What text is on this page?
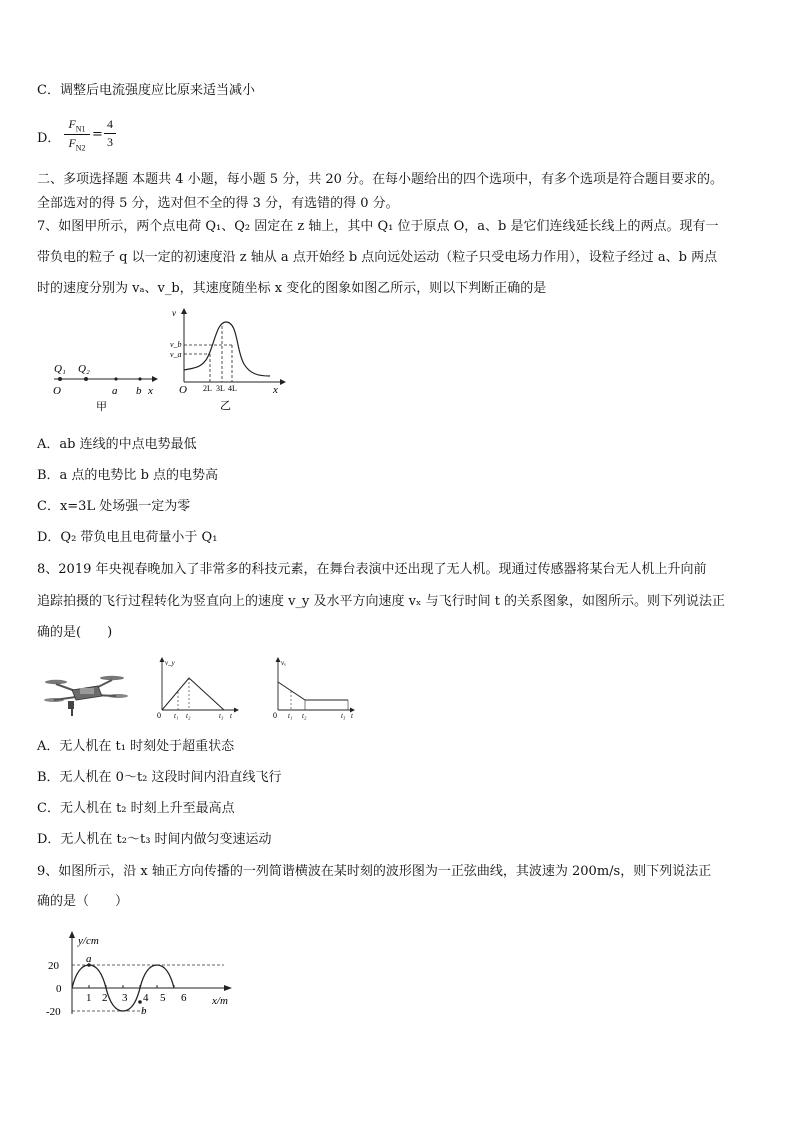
C．调整后电流强度应比原来适当减小
D．
$F_{N1}$
$F_{N2}$
=
4
3
二、多项选择题 本题共 4 小题，每小题 5 分，共 20 分。在每小题给出的四个选项中，有多个选项是符合题目要求的。
全部选对的得 5 分，选对但不全的得 3 分，有选错的得 0 分。
7、如图甲所示，两个点电荷 Q₁、Q₂ 固定在 z 轴上，其中 Q₁ 位于原点 O，a、b 是它们连线延长线上的两点。现有一
带负电的粒子 q 以一定的初速度沿 z 轴从 a 点开始经 b 点向远处运动（粒子只受电场力作用），设粒子经过 a、b 两点
时的速度分别为 vₐ、v_b，其速度随坐标 x 变化的图象如图乙所示，则以下判断正确的是
Q₁ Q₂
O	a b x
甲
v
v_b
v_a
O 2L 3L 4L	x
乙
A．ab 连线的中点电势最低
B．a 点的电势比 b 点的电势高
C．x=3L 处场强一定为零
D．Q₂ 带负电且电荷量小于 Q₁
8、2019 年央视春晚加入了非常多的科技元素，在舞台表演中还出现了无人机。现通过传感器将某台无人机上升向前
追踪拍摄的飞行过程转化为竖直向上的速度 v_y 及水平方向速度 vₓ 与飞行时间 t 的关系图象，如图所示。则下列说法正
确的是(　　)
v_y
0 t₁ t₂	t₃ t
vₓ
0 t₁ t₂	t₃ t
A．无人机在 t₁ 时刻处于超重状态
B．无人机在 0～t₂ 这段时间内沿直线飞行
C．无人机在 t₂ 时刻上升至最高点
D．无人机在 t₂～t₃ 时间内做匀变速运动
9、如图所示，沿 x 轴正方向传播的一列简谐横波在某时刻的波形图为一正弦曲线，其波速为 200m/s，则下列说法正
确的是（　　）
y/cm
20
0
-20
1 2 3 4 5 6
a
b
x/m
